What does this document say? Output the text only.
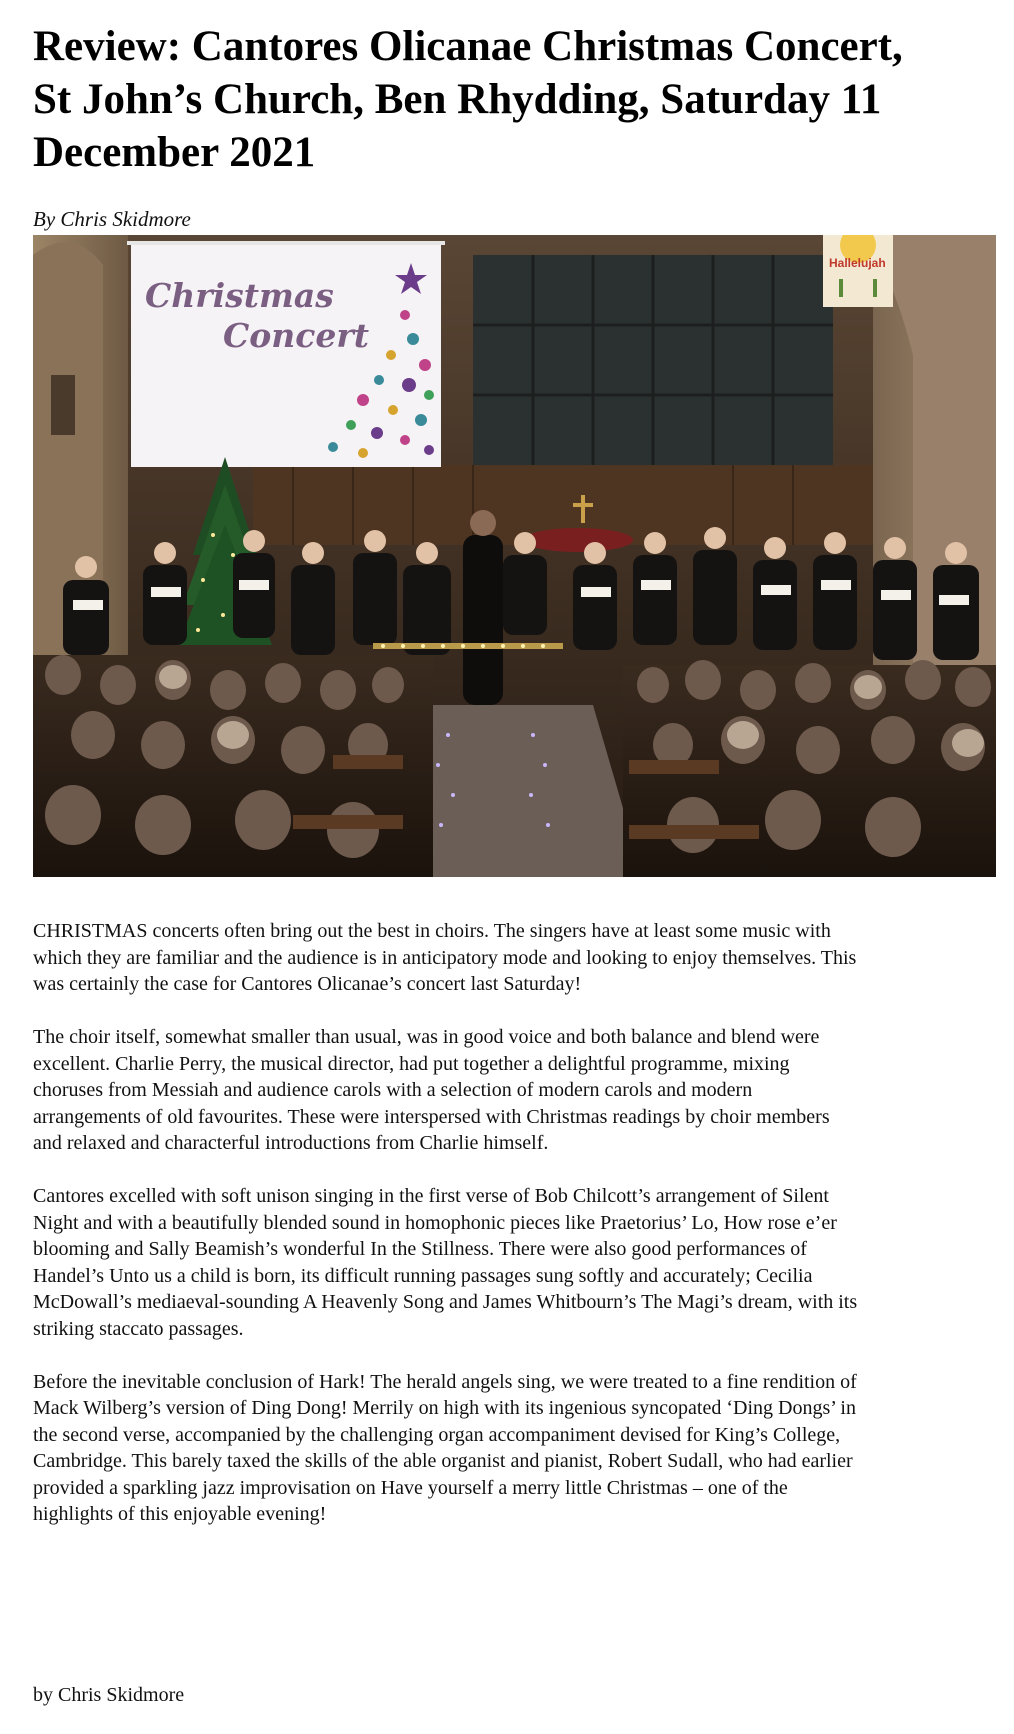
Review: Cantores Olicanae Christmas Concert, St John’s Church, Ben Rhydding, Saturday 11 December 2021
By Chris Skidmore
Christmas
Concert
Hallelujah

CHRISTMAS concerts often bring out the best in choirs. The singers have at least some music with which they are familiar and the audience is in anticipatory mode and looking to enjoy themselves. This was certainly the case for Cantores Olicanae’s concert last Saturday!

The choir itself, somewhat smaller than usual, was in good voice and both balance and blend were excellent. Charlie Perry, the musical director, had put together a delightful programme, mixing choruses from Messiah and audience carols with a selection of modern carols and modern arrangements of old favourites. These were interspersed with Christmas readings by choir members and relaxed and characterful introductions from Charlie himself.

Cantores excelled with soft unison singing in the first verse of Bob Chilcott’s arrangement of Silent Night and with a beautifully blended sound in homophonic pieces like Praetorius’ Lo, How rose e’er blooming and Sally Beamish’s wonderful In the Stillness. There were also good performances of Handel’s Unto us a child is born, its difficult running passages sung softly and accurately; Cecilia McDowall’s mediaeval-sounding A Heavenly Song and James Whitbourn’s The Magi’s dream, with its striking staccato passages.

Before the inevitable conclusion of Hark! The herald angels sing, we were treated to a fine rendition of Mack Wilberg’s version of Ding Dong! Merrily on high with its ingenious syncopated ‘Ding Dongs’ in the second verse, accompanied by the challenging organ accompaniment devised for King’s College, Cambridge. This barely taxed the skills of the able organist and pianist, Robert Sudall, who had earlier provided a sparkling jazz improvisation on Have yourself a merry little Christmas – one of the highlights of this enjoyable evening!

by Chris Skidmore
